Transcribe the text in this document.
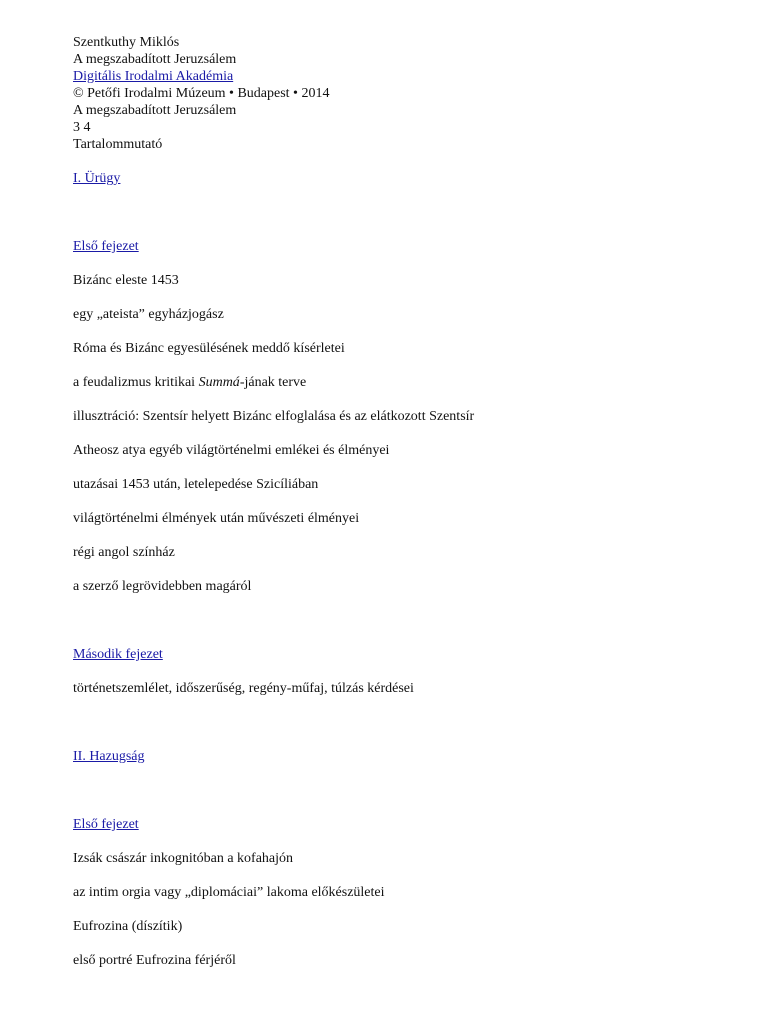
Szentkuthy Miklós
A megszabadított Jeruzsálem
Digitális Irodalmi Akadémia
© Petőfi Irodalmi Múzeum • Budapest • 2014
A megszabadított Jeruzsálem
3 4
Tartalommutató
I. Ürügy
Első fejezet
Bizánc eleste 1453
egy „ateista” egyházjogász
Róma és Bizánc egyesülésének meddő kísérletei
a feudalizmus kritikai Summá-jának terve
illusztráció: Szentsír helyett Bizánc elfoglalása és az elátkozott Szentsír
Atheosz atya egyéb világtörténelmi emlékei és élményei
utazásai 1453 után, letelepedése Szicíliában
világtörténelmi élmények után művészeti élményei
régi angol színház
a szerző legrövidebben magáról
Második fejezet
történetszemlélet, időszerűség, regény-műfaj, túlzás kérdései
II. Hazugság
Első fejezet
Izsák császár inkognitóban a kofahajón
az intim orgia vagy „diplomáciai” lakoma előkészületei
Eufrozina (díszítik)
első portré Eufrozina férjéről
